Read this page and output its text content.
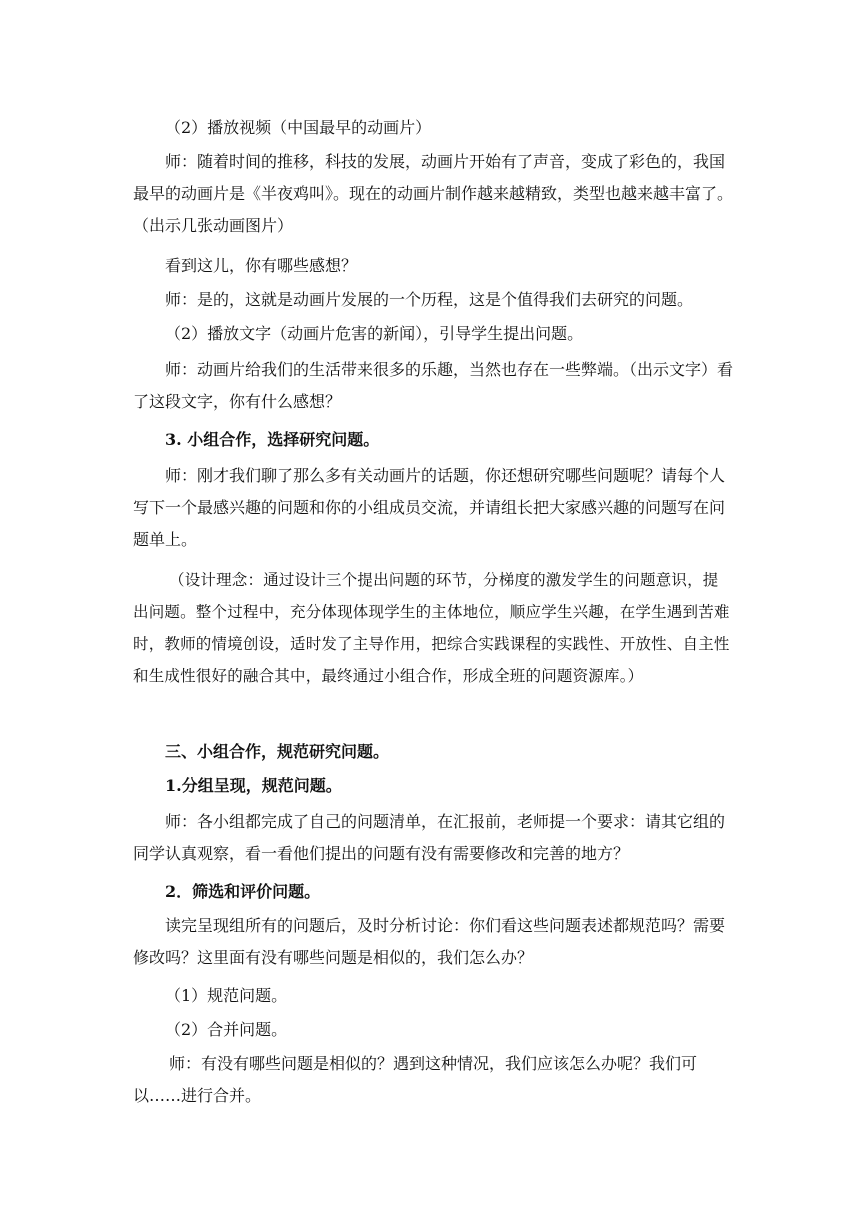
（2）播放视频（中国最早的动画片）

师：随着时间的推移，科技的发展，动画片开始有了声音，变成了彩色的，我国最早的动画片是《半夜鸡叫》。现在的动画片制作越来越精致，类型也越来越丰富了。（出示几张动画图片）

看到这儿，你有哪些感想？

师：是的，这就是动画片发展的一个历程，这是个值得我们去研究的问题。

（2）播放文字（动画片危害的新闻），引导学生提出问题。

师：动画片给我们的生活带来很多的乐趣，当然也存在一些弊端。（出示文字）看了这段文字，你有什么感想？

3. 小组合作，选择研究问题。

师：刚才我们聊了那么多有关动画片的话题，你还想研究哪些问题呢？请每个人写下一个最感兴趣的问题和你的小组成员交流，并请组长把大家感兴趣的问题写在问题单上。

（设计理念：通过设计三个提出问题的环节，分梯度的激发学生的问题意识，提出问题。整个过程中，充分体现体现学生的主体地位，顺应学生兴趣，在学生遇到苦难时，教师的情境创设，适时发了主导作用，把综合实践课程的实践性、开放性、自主性和生成性很好的融合其中，最终通过小组合作，形成全班的问题资源库。）

三、小组合作，规范研究问题。

1.分组呈现，规范问题。

师：各小组都完成了自己的问题清单，在汇报前，老师提一个要求：请其它组的同学认真观察，看一看他们提出的问题有没有需要修改和完善的地方？

2．筛选和评价问题。

读完呈现组所有的问题后，及时分析讨论：你们看这些问题表述都规范吗？需要修改吗？这里面有没有哪些问题是相似的，我们怎么办？

（1）规范问题。

（2）合并问题。

师：有没有哪些问题是相似的？遇到这种情况，我们应该怎么办呢？我们可以……进行合并。
